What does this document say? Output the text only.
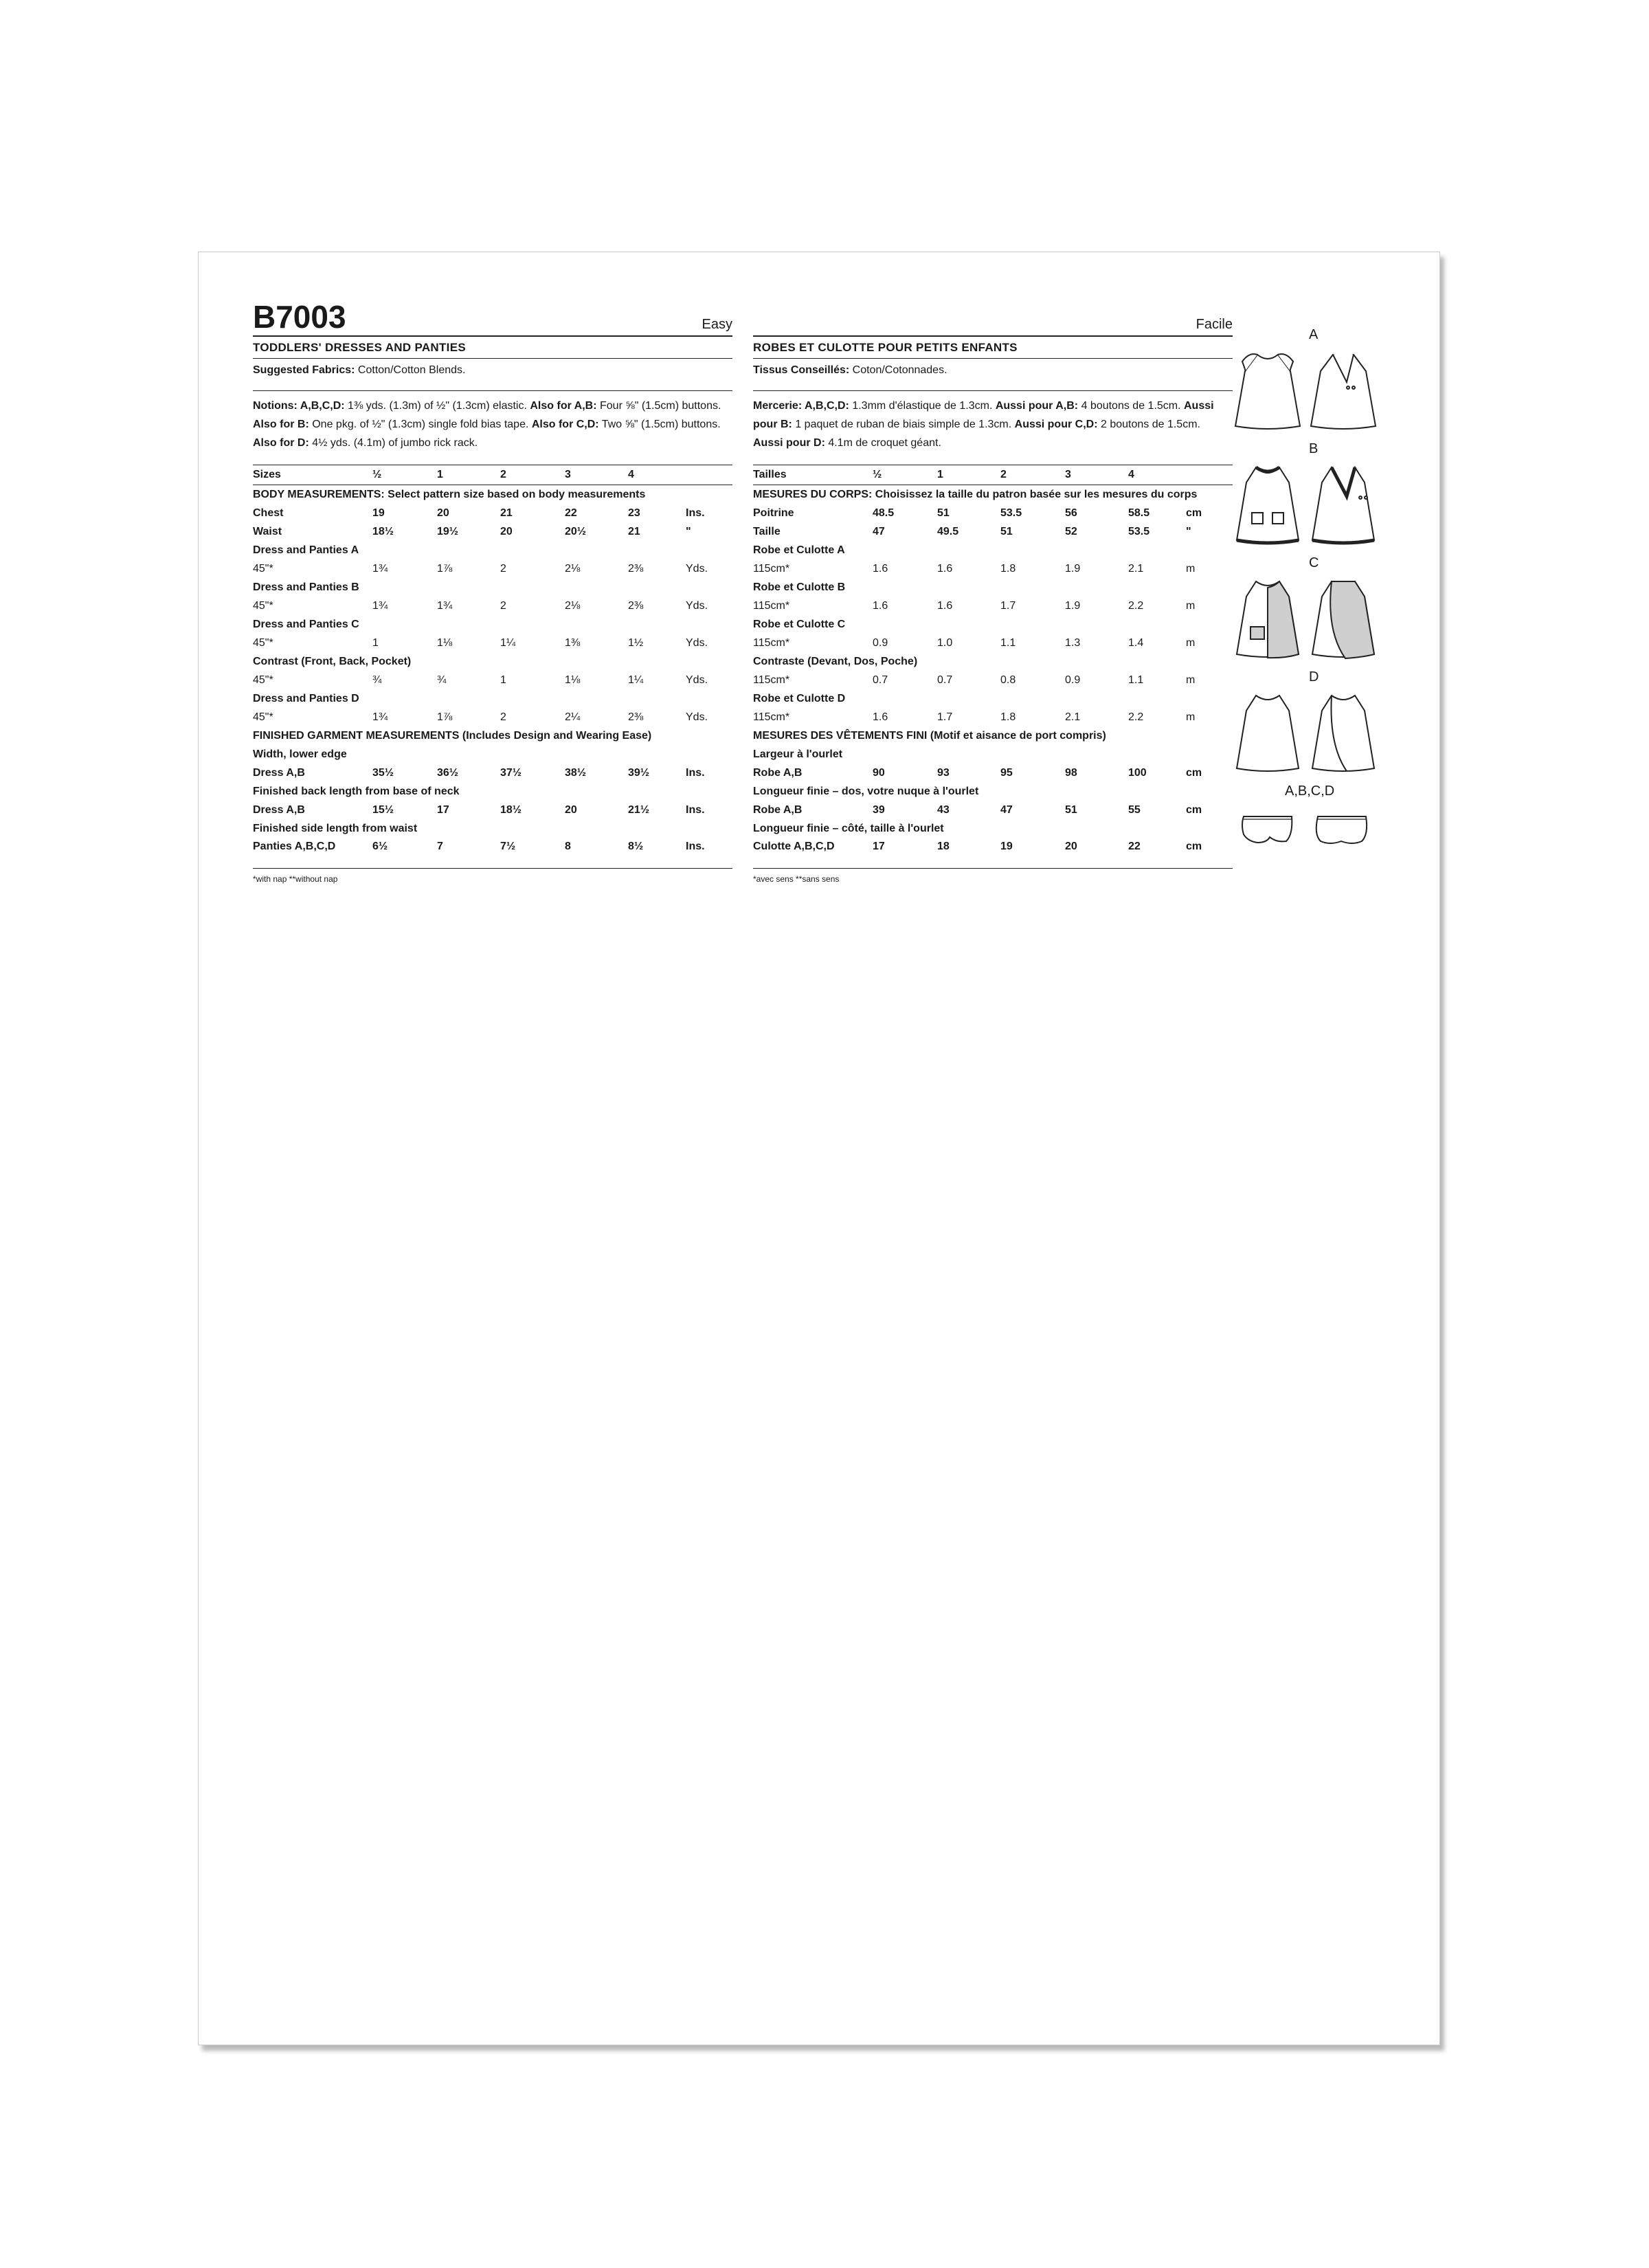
B7003	Easy
TODDLERS' DRESSES AND PANTIES
Suggested Fabrics: Cotton/Cotton Blends.
Notions: A,B,C,D: 1⅜ yds. (1.3m) of ½" (1.3cm) elastic. Also for A,B: Four ⅝" (1.5cm) buttons. Also for B: One pkg. of ½" (1.3cm) single fold bias tape. Also for C,D: Two ⅝" (1.5cm) buttons. Also for D: 4½ yds. (4.1m) of jumbo rick rack.
Sizes	½	1	2	3	4	
BODY MEASUREMENTS: Select pattern size based on body measurements						
Chest	19	20	21	22	23	Ins.
Waist	18½	19½	20	20½	21	"
Dress and Panties A						
45"*	1¾	1⅞	2	2⅛	2⅜	Yds.
Dress and Panties B						
45"*	1¾	1¾	2	2⅛	2⅜	Yds.
Dress and Panties C						
45"*	1	1⅛	1¼	1⅜	1½	Yds.
Contrast (Front, Back, Pocket)						
45"*	¾	¾	1	1⅛	1¼	Yds.
Dress and Panties D						
45"*	1¾	1⅞	2	2¼	2⅜	Yds.
FINISHED GARMENT MEASUREMENTS (Includes Design and Wearing Ease)						
Width, lower edge						
Dress A,B	35½	36½	37½	38½	39½	Ins.
Finished back length from base of neck						
Dress A,B	15½	17	18½	20	21½	Ins.
Finished side length from waist						
Panties A,B,C,D	6½	7	7½	8	8½	Ins.
*with nap **without nap
Facile
ROBES ET CULOTTE POUR PETITS ENFANTS
Tissus Conseillés: Coton/Cotonnades.
Mercerie: A,B,C,D: 1.3mm d'élastique de 1.3cm. Aussi pour A,B: 4 boutons de 1.5cm. Aussi pour B: 1 paquet de ruban de biais simple de 1.3cm. Aussi pour C,D: 2 boutons de 1.5cm. Aussi pour D: 4.1m de croquet géant.
Tailles	½	1	2	3	4	
MESURES DU CORPS: Choisissez la taille du patron basée sur les mesures du corps						
Poitrine	48.5	51	53.5	56	58.5	cm
Taille	47	49.5	51	52	53.5	"
Robe et Culotte A						
115cm*	1.6	1.6	1.8	1.9	2.1	m
Robe et Culotte B						
115cm*	1.6	1.6	1.7	1.9	2.2	m
Robe et Culotte C						
115cm*	0.9	1.0	1.1	1.3	1.4	m
Contraste (Devant, Dos, Poche)						
115cm*	0.7	0.7	0.8	0.9	1.1	m
Robe et Culotte D						
115cm*	1.6	1.7	1.8	2.1	2.2	m
MESURES DES VÊTEMENTS FINI (Motif et aisance de port compris)						
Largeur à l'ourlet						
Robe A,B	90	93	95	98	100	cm
Longueur finie – dos, votre nuque à l'ourlet						
Robe A,B	39	43	47	51	55	cm
Longueur finie – côté, taille à l'ourlet						
Culotte A,B,C,D	17	18	19	20	22	cm
*avec sens **sans sens
A
B
C
D
A,B,C,D
